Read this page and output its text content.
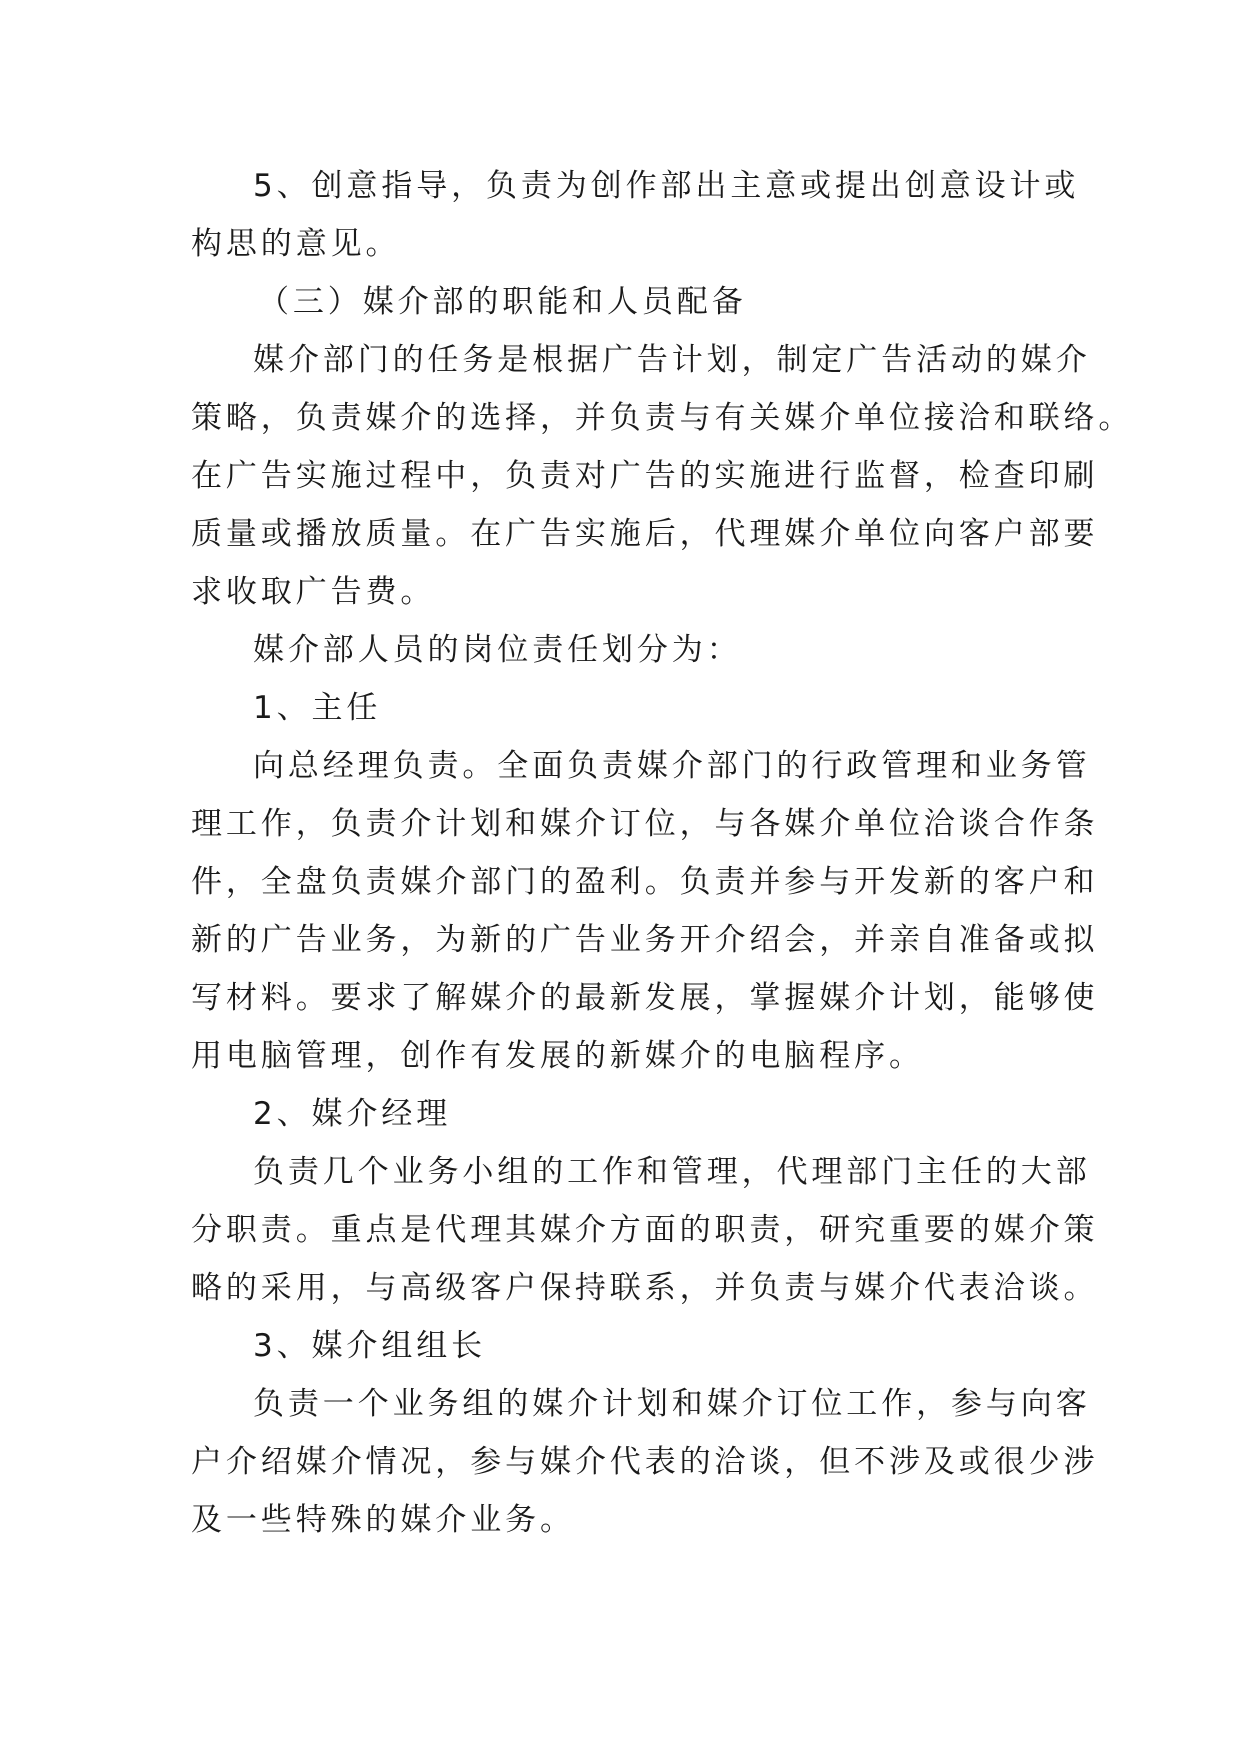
5、创意指导，负责为创作部出主意或提出创意设计或
构思的意见。
（三）媒介部的职能和人员配备
媒介部门的任务是根据广告计划，制定广告活动的媒介
策略，负责媒介的选择，并负责与有关媒介单位接洽和联络。
在广告实施过程中，负责对广告的实施进行监督，检查印刷
质量或播放质量。在广告实施后，代理媒介单位向客户部要
求收取广告费。
媒介部人员的岗位责任划分为：
1、主任
向总经理负责。全面负责媒介部门的行政管理和业务管
理工作，负责介计划和媒介订位，与各媒介单位洽谈合作条
件，全盘负责媒介部门的盈利。负责并参与开发新的客户和
新的广告业务，为新的广告业务开介绍会，并亲自准备或拟
写材料。要求了解媒介的最新发展，掌握媒介计划，能够使
用电脑管理，创作有发展的新媒介的电脑程序。
2、媒介经理
负责几个业务小组的工作和管理，代理部门主任的大部
分职责。重点是代理其媒介方面的职责，研究重要的媒介策
略的采用，与高级客户保持联系，并负责与媒介代表洽谈。
3、媒介组组长
负责一个业务组的媒介计划和媒介订位工作，参与向客
户介绍媒介情况，参与媒介代表的洽谈，但不涉及或很少涉
及一些特殊的媒介业务。
